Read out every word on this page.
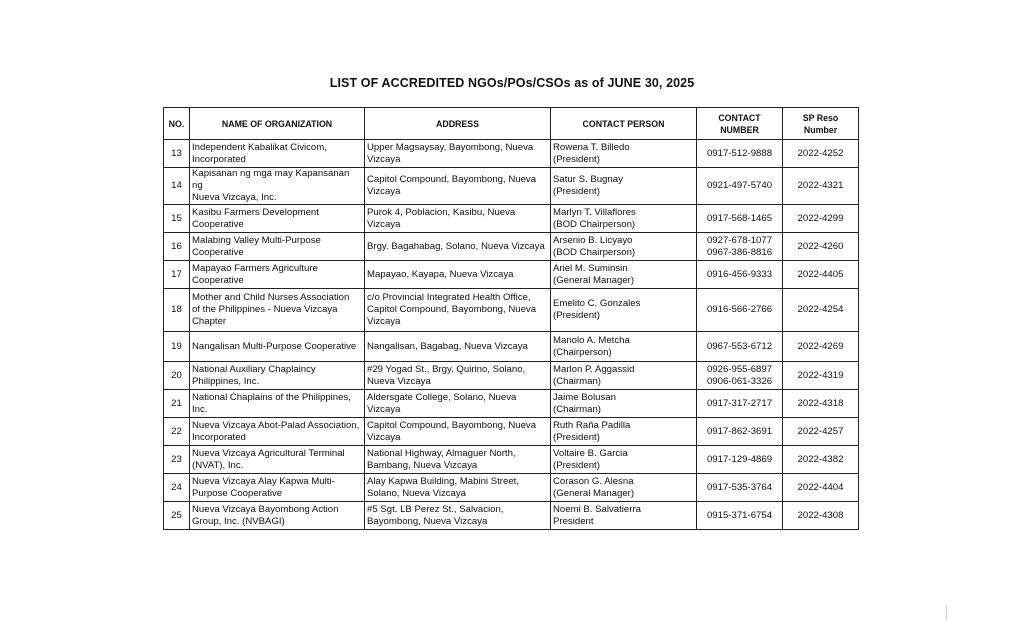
LIST OF ACCREDITED NGOs/POs/CSOs as of JUNE 30, 2025
NO.	NAME OF ORGANIZATION	ADDRESS	CONTACT PERSON	CONTACT
NUMBER	SP Reso
Number
13	Independent Kabalikat Civicom,
Incorporated	Upper Magsaysay, Bayombong, Nueva
Vizcaya	Rowena T. Billedo
(President)	0917-512-9888	2022-4252
14	Kapisanan ng mga may Kapansanan ng
Nueva Vizcaya, Inc.	Capitol Compound, Bayombong, Nueva
Vizcaya	Satur S. Bugnay
(President)	0921-497-5740	2022-4321
15	Kasibu Farmers Development
Cooperative	Purok 4, Poblacion, Kasibu, Nueva
Vizcaya	Marlyn T. Villaflores
(BOD Chairperson)	0917-568-1465	2022-4299
16	Malabing Valley Multi-Purpose
Cooperative	Brgy. Bagahabag, Solano, Nueva Vizcaya	Arsenio B. Licyayo
(BOD Chairperson)	0927-678-1077
0967-386-8816	2022-4260
17	Mapayao Farmers Agriculture
Cooperative	Mapayao, Kayapa, Nueva Vizcaya	Ariel M. Suminsin
(General Manager)	0916-456-9333	2022-4405
18	Mother and Child Nurses Association
of the Philippines - Nueva Vizcaya
Chapter	c/o Provincial Integrated Health Office,
Capitol Compound, Bayombong, Nueva
Vizcaya	Emelito C. Gonzales
(President)	0916-566-2766	2022-4254
19	Nangalisan Multi-Purpose Cooperative	Nangalisan, Bagabag, Nueva Vizcaya	Manolo A. Metcha
(Chairperson)	0967-553-6712	2022-4269
20	National Auxiliary Chaplaincy
Philippines, Inc.	#29 Yogad St., Brgy. Quirino, Solano,
Nueva Vizcaya	Marlon P. Aggassid
(Chairman)	0926-955-6897
0906-061-3326	2022-4319
21	National Chaplains of the Philippines,
Inc.	Aldersgate College, Solano, Nueva
Vizcaya	Jaime Bolusan
(Chairman)	0917-317-2717	2022-4318
22	Nueva Vizcaya Abot-Palad Association,
Incorporated	Capitol Compound, Bayombong, Nueva
Vizcaya	Ruth Raña Padilla
(President)	0917-862-3691	2022-4257
23	Nueva Vizcaya Agricultural Terminal
(NVAT), Inc.	National Highway, Almaguer North,
Bambang, Nueva Vizcaya	Voltaire B. Garcia
(President)	0917-129-4869	2022-4382
24	Nueva Vizcaya Alay Kapwa Multi-
Purpose Cooperative	Alay Kapwa Building, Mabini Street,
Solano, Nueva Vizcaya	Corason G. Alesna
(General Manager)	0917-535-3764	2022-4404
25	Nueva Vizcaya Bayombong Action
Group, Inc. (NVBAGI)	#5 Sgt. LB Perez St., Salvacion,
Bayombong, Nueva Vizcaya	Noemi B. Salvatierra
President	0915-371-6754	2022-4308
